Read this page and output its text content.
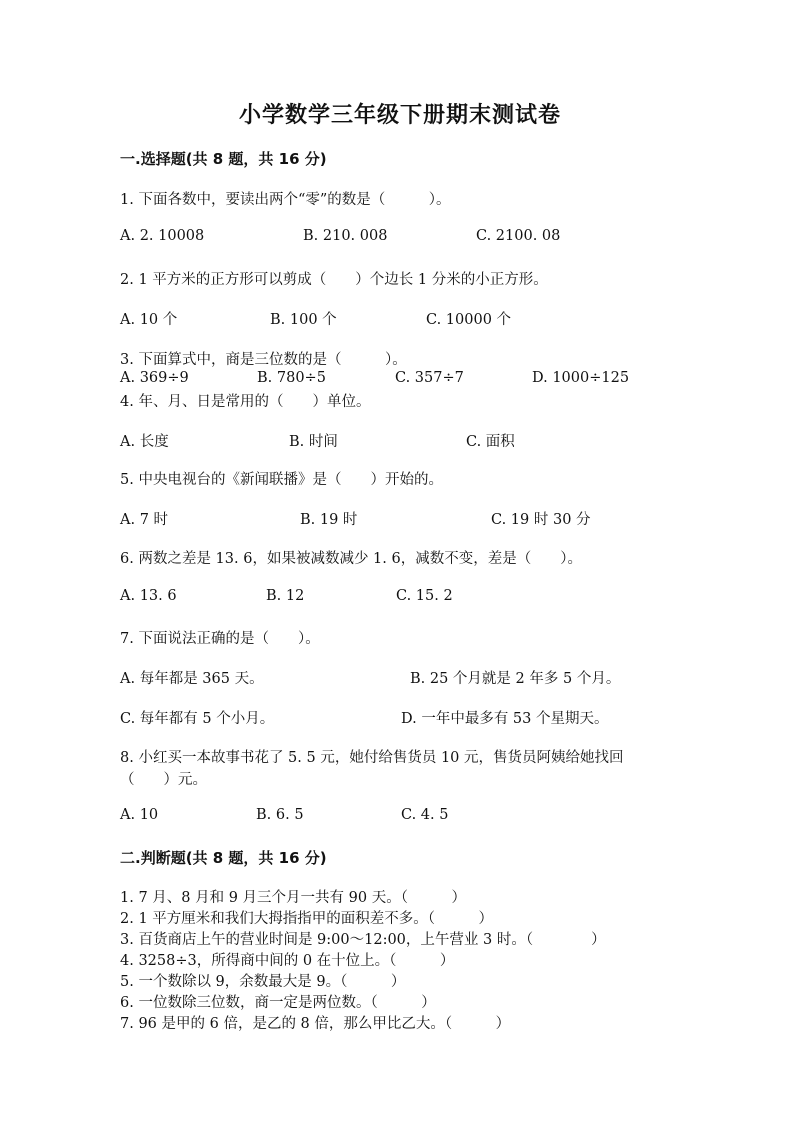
小学数学三年级下册期末测试卷
一.选择题(共 8 题，共 16 分)
1. 下面各数中，要读出两个“零”的数是（　　　）。
A. 2. 10008	B. 210. 008	C. 2100. 08
2. 1 平方米的正方形可以剪成（　　）个边长 1 分米的小正方形。
A. 10 个	B. 100 个	C. 10000 个
3. 下面算式中，商是三位数的是（　　　）。
A. 369÷9	B. 780÷5	C. 357÷7	D. 1000÷125
4. 年、月、日是常用的（　　）单位。
A. 长度	B. 时间	C. 面积
5. 中央电视台的《新闻联播》是（　　）开始的。
A. 7 时	B. 19 时	C. 19 时 30 分
6. 两数之差是 13. 6，如果被减数减少 1. 6，减数不变，差是（　　）。
A. 13. 6	B. 12	C. 15. 2
7. 下面说法正确的是（　　）。
A. 每年都是 365 天。	B. 25 个月就是 2 年多 5 个月。
C. 每年都有 5 个小月。	D. 一年中最多有 53 个星期天。
8. 小红买一本故事书花了 5. 5 元，她付给售货员 10 元，售货员阿姨给她找回
（　　）元。
A. 10	B. 6. 5	C. 4. 5
二.判断题(共 8 题，共 16 分)
1. 7 月、8 月和 9 月三个月一共有 90 天。（　　　）
2. 1 平方厘米和我们大拇指指甲的面积差不多。（　　　）
3. 百货商店上午的营业时间是 9:00～12:00，上午营业 3 时。（　　　　）
4. 3258÷3，所得商中间的 0 在十位上。（　　　）
5. 一个数除以 9，余数最大是 9。（　　　）
6. 一位数除三位数，商一定是两位数。（　　　）
7. 96 是甲的 6 倍，是乙的 8 倍，那么甲比乙大。（　　　）
